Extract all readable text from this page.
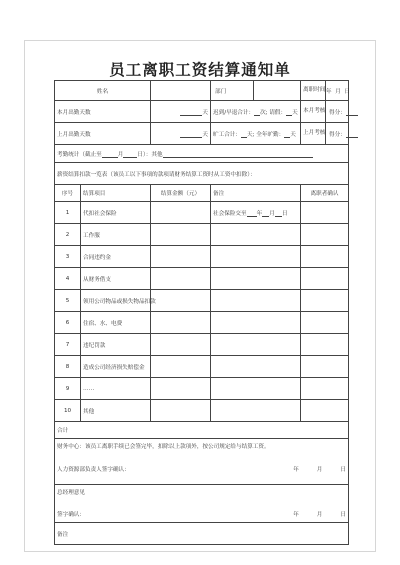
员工离职工资结算通知单
姓名			部门	离职时间 年 月 日

本月出勤天数		天	迟到/早退合计： 次; 请假： 天	本月考核 得分：

上月出勤天数		天	旷工合计： 天; 全年旷勤： 天	上月考核 得分：

考勤统计（截止至 月 日）：其他				
薪资结算扣款一览表（该员工以下事项的款项请财务结算工资时从工资中扣除）：				
序号	结算项目	结算金额（元）	备注	离职者确认
1	代扣社会保险		社会保险交至 年 月 日	
2	工作服			
3	合同违约金			
4	从财务借支			
5	领用公司物品或损失物品扣款			
6	住宿、水、电费			
7	违纪罚款			
8	造成公司经济损失赔偿金			
9	……			
10	其他			
合计				

财务中心：该员工离职手续已会签完毕，扣除以上款项外，按公司规定给与结算工资。
人力资源部负责人签字确认： 年 月 日				

总经理意见
签字确认： 年 月 日				

备注				
